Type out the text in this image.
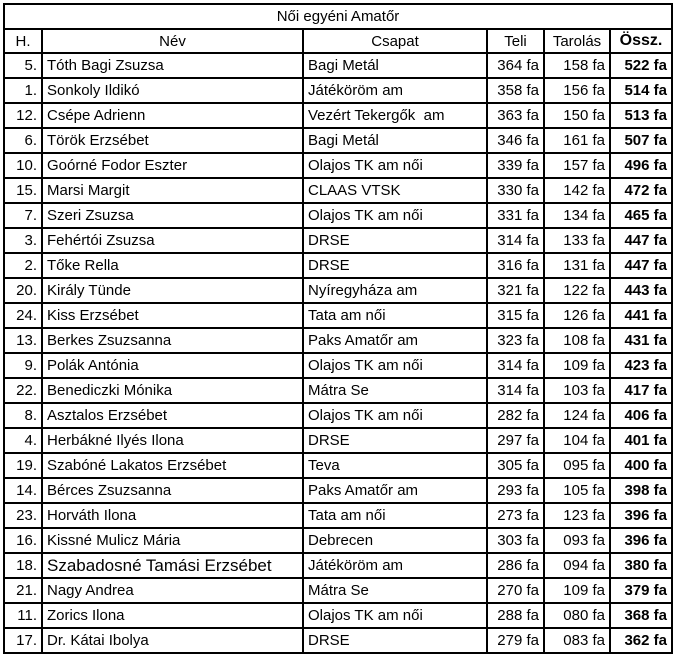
Női egyéni Amatőr					
H.	Név	Csapat	Teli	Tarolás	Össz.
5.	Tóth Bagi Zsuzsa	Bagi Metál	364 fa	158 fa	522 fa
1.	Sonkoly Ildikó	Játéköröm am	358 fa	156 fa	514 fa
12.	Csépe Adrienn	Vezért Tekergők  am	363 fa	150 fa	513 fa
6.	Török Erzsébet	Bagi Metál	346 fa	161 fa	507 fa
10.	Goórné Fodor Eszter	Olajos TK am női	339 fa	157 fa	496 fa
15.	Marsi Margit	CLAAS VTSK	330 fa	142 fa	472 fa
7.	Szeri Zsuzsa	Olajos TK am női	331 fa	134 fa	465 fa
3.	Fehértói Zsuzsa	DRSE	314 fa	133 fa	447 fa
2.	Tőke Rella	DRSE	316 fa	131 fa	447 fa
20.	Király Tünde	Nyíregyháza am	321 fa	122 fa	443 fa
24.	Kiss Erzsébet	Tata am női	315 fa	126 fa	441 fa
13.	Berkes Zsuzsanna	Paks Amatőr am	323 fa	108 fa	431 fa
9.	Polák Antónia	Olajos TK am női	314 fa	109 fa	423 fa
22.	Benediczki Mónika	Mátra Se	314 fa	103 fa	417 fa
8.	Asztalos Erzsébet	Olajos TK am női	282 fa	124 fa	406 fa
4.	Herbákné Ilyés Ilona	DRSE	297 fa	104 fa	401 fa
19.	Szabóné Lakatos Erzsébet	Teva	305 fa	095 fa	400 fa
14.	Bérces Zsuzsanna	Paks Amatőr am	293 fa	105 fa	398 fa
23.	Horváth Ilona	Tata am női	273 fa	123 fa	396 fa
16.	Kissné Mulicz Mária	Debrecen	303 fa	093 fa	396 fa
18.	Szabadosné Tamási Erzsébet	Játéköröm am	286 fa	094 fa	380 fa
21.	Nagy Andrea	Mátra Se	270 fa	109 fa	379 fa
11.	Zorics Ilona	Olajos TK am női	288 fa	080 fa	368 fa
17.	Dr. Kátai Ibolya	DRSE	279 fa	083 fa	362 fa
